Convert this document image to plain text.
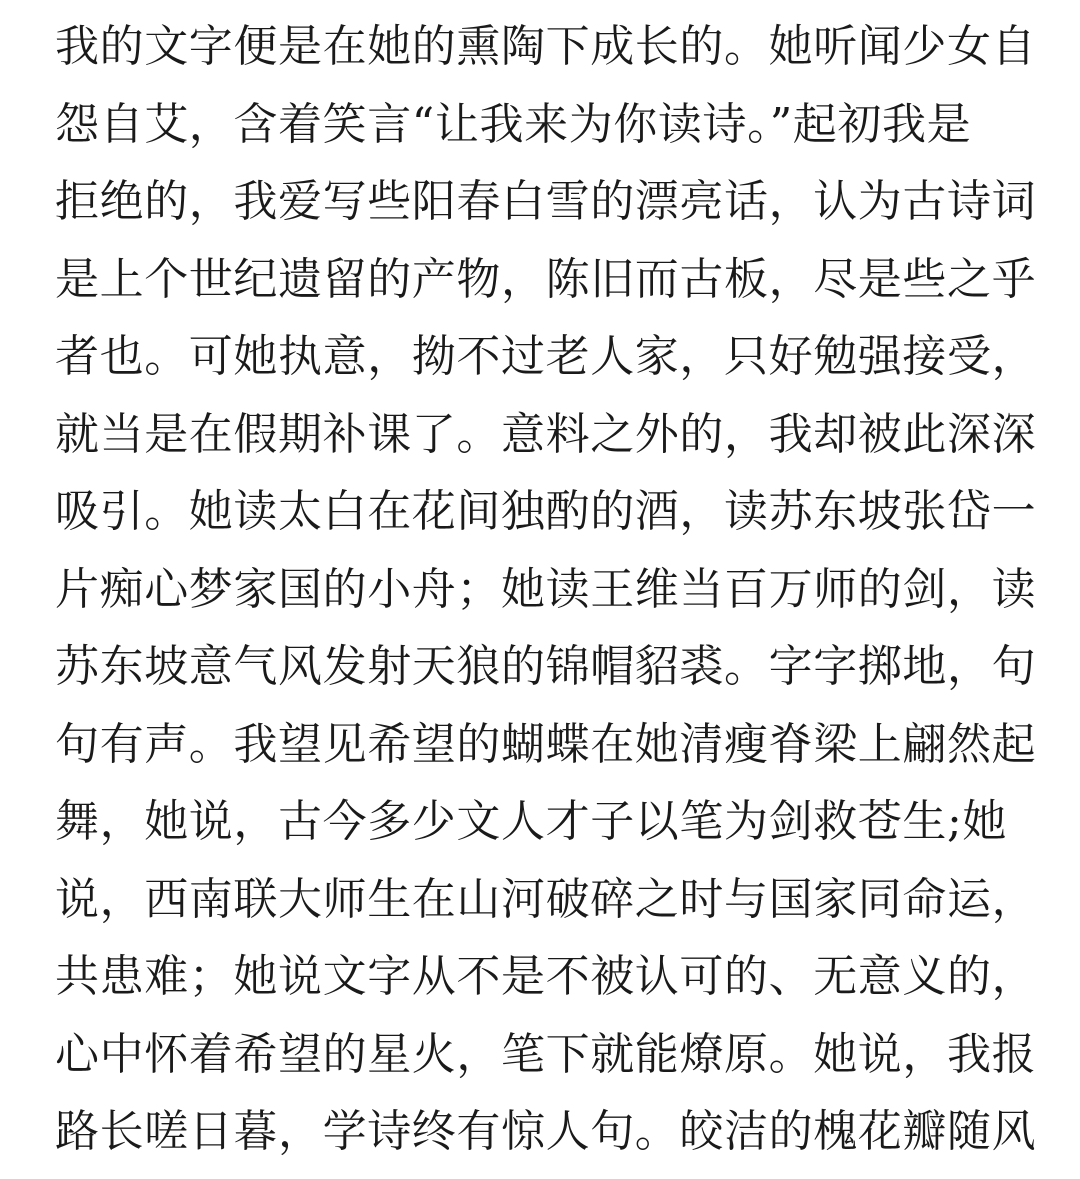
我的文字便是在她的熏陶下成长的。她听闻少女自
怨自艾，含着笑言“让我来为你读诗。”起初我是
拒绝的，我爱写些阳春白雪的漂亮话，认为古诗词
是上个世纪遗留的产物，陈旧而古板，尽是些之乎
者也。可她执意，拗不过老人家，只好勉强接受，
就当是在假期补课了。意料之外的，我却被此深深
吸引。她读太白在花间独酌的酒，读苏东坡张岱一
片痴心梦家国的小舟；她读王维当百万师的剑，读
苏东坡意气风发射天狼的锦帽貂裘。字字掷地，句
句有声。我望见希望的蝴蝶在她清瘦脊梁上翩然起
舞，她说，古今多少文人才子以笔为剑救苍生;她
说，西南联大师生在山河破碎之时与国家同命运，
共患难；她说文字从不是不被认可的、无意义的，
心中怀着希望的星火，笔下就能燎原。她说，我报
路长嗟日暮，学诗终有惊人句。皎洁的槐花瓣随风
